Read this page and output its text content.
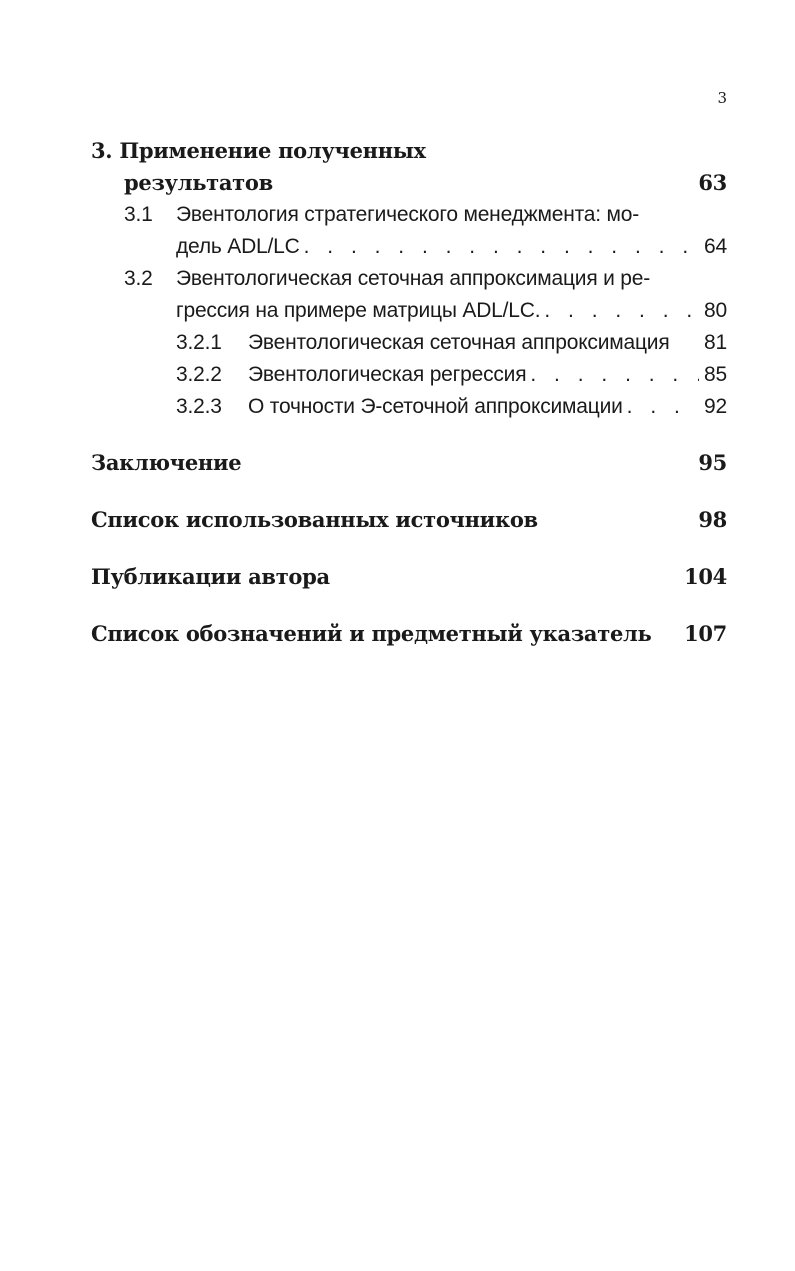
3
3. Применение полученных
результатов	63
3.1	Эвентология стратегического менеджмента: мо-
дель ADL/LC . . .	64
3.2	Эвентологическая сеточная аппроксимация и ре-
грессия на примере матрицы ADL/LC. . . .	80
3.2.1	Эвентологическая сеточная аппроксимация 81
3.2.2	Эвентологическая регрессия . . .	85
3.2.3	О точности Э-сеточной аппроксимации . . .	92
Заключение	95
Список использованных источников	98
Публикации автора	104
Список обозначений и предметный указатель 107
